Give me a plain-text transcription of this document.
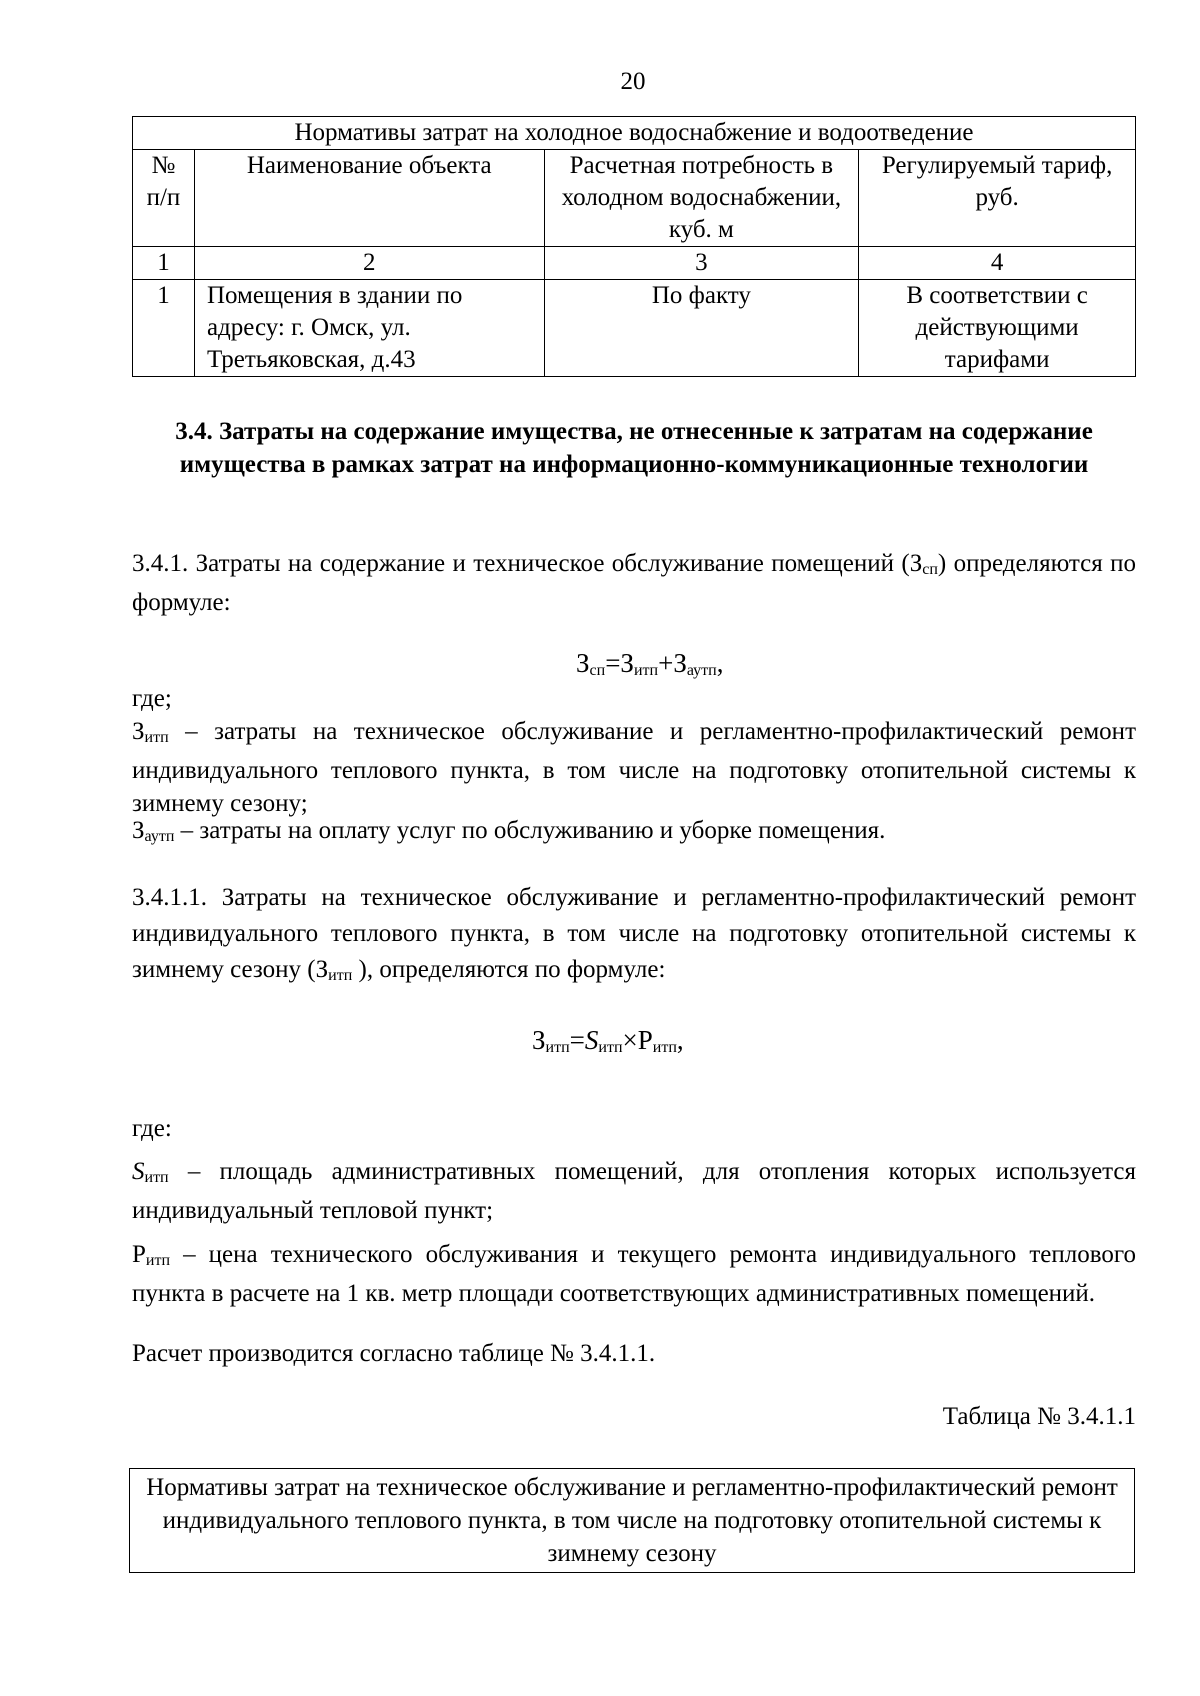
20
Нормативы затрат на холодное водоснабжение и водоотведение			
№ п/п	Наименование объекта	Расчетная потребность в холодном водоснабжении, куб. м	Регулируемый тариф, руб.
1	2	3	4
1	Помещения в здании по адресу: г. Омск, ул. Третьяковская, д.43	По факту	В соответствии с действующими тарифами
3.4. Затраты на содержание имущества, не отнесенные к затратам на содержание имущества в рамках затрат на информационно-коммуникационные технологии
3.4.1. Затраты на содержание и техническое обслуживание помещений $(З_{сп})$ определяются по формуле:
$З_{сп}=З_{итп}+З_{аутп}$,
где;
$З_{итп}$ – затраты на техническое обслуживание и регламентно-профилактический ремонт индивидуального теплового пункта, в том числе на подготовку отопительной системы к зимнему сезону;
$З_{аутп}$ – затраты на оплату услуг по обслуживанию и уборке помещения.
3.4.1.1. Затраты на техническое обслуживание и регламентно-профилактический ремонт индивидуального теплового пункта, в том числе на подготовку отопительной системы к зимнему сезону ($З_{итп}$ ), определяются по формуле:
$З_{итп}=S_{итп}\times Р_{итп}$,
где:
$S_{итп}$ – площадь административных помещений, для отопления которых используется индивидуальный тепловой пункт;
$Р_{итп}$ – цена технического обслуживания и текущего ремонта индивидуального теплового пункта в расчете на 1 кв. метр площади соответствующих административных помещений.
Расчет производится согласно таблице № 3.4.1.1.
Таблица № 3.4.1.1
Нормативы затрат на техническое обслуживание и регламентно-профилактический ремонт индивидуального теплового пункта, в том числе на подготовку отопительной системы к зимнему сезону
